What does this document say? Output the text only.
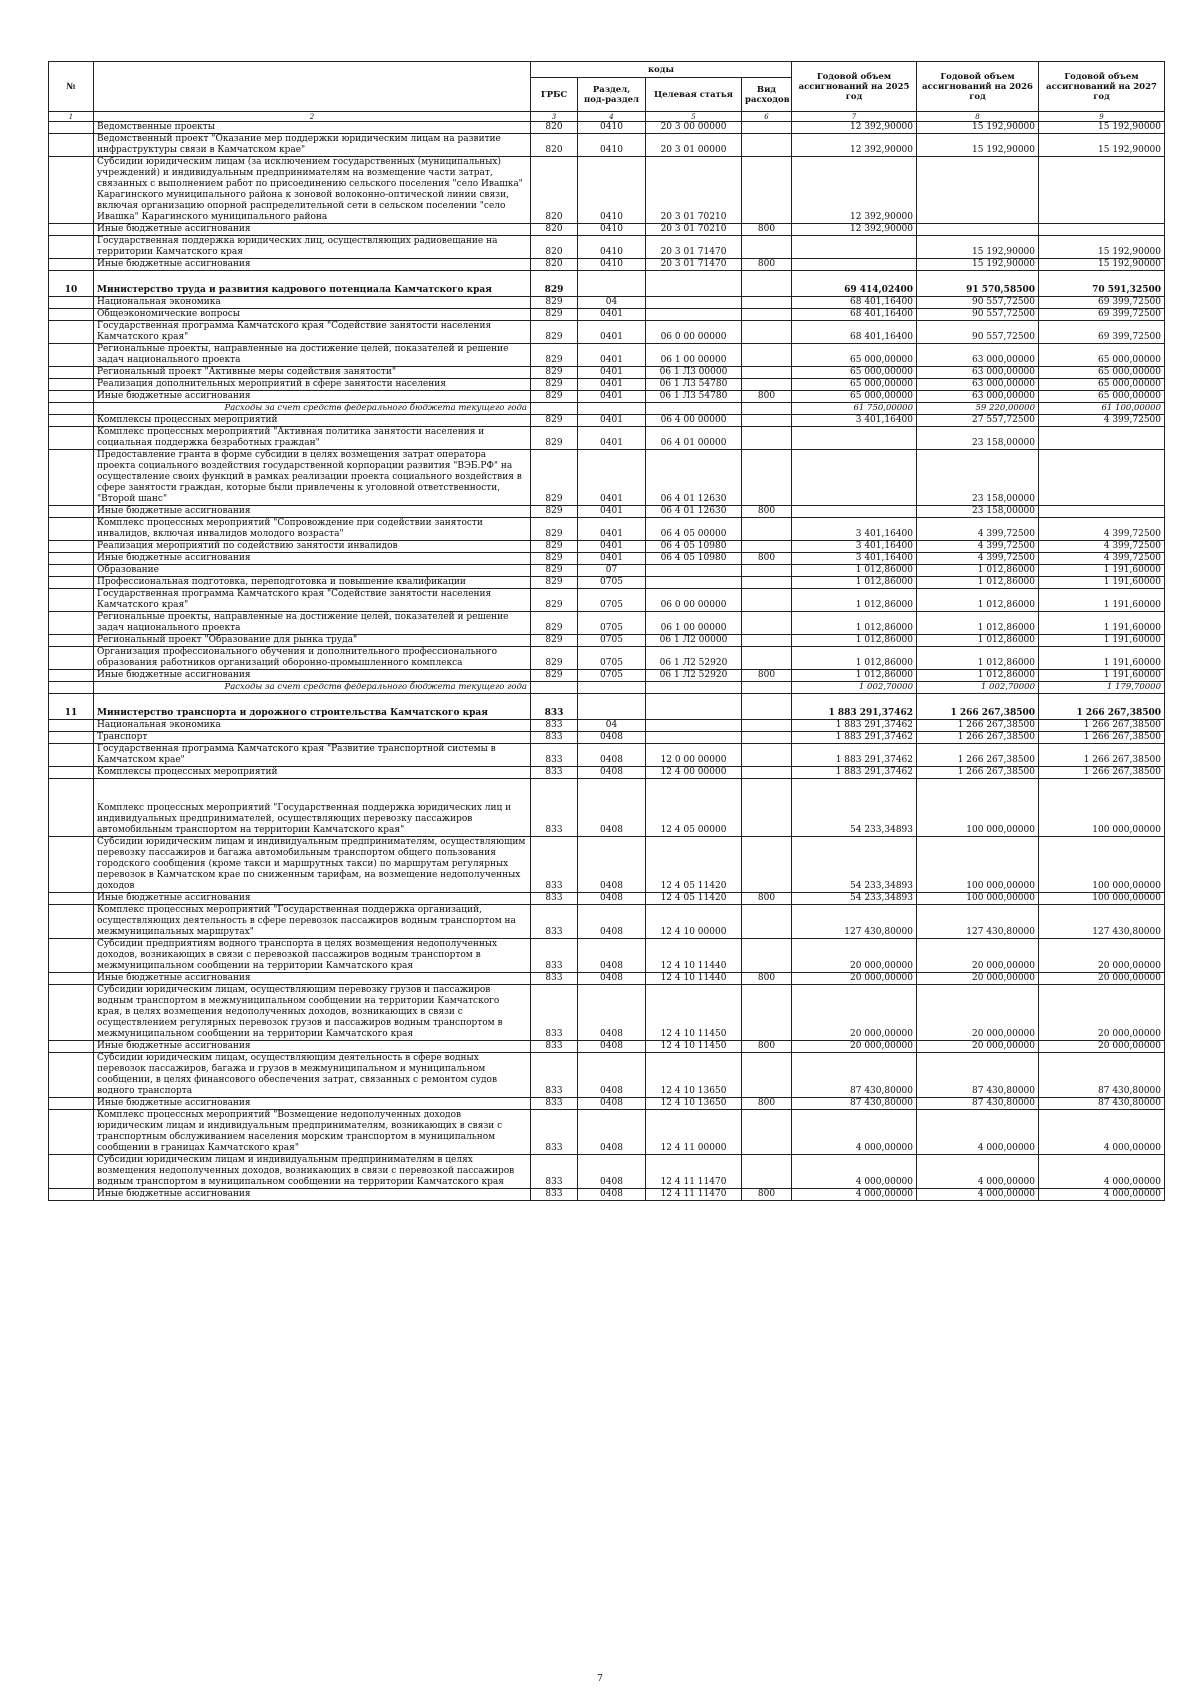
№		коды				Годовой объем ассигнований на 2025 год	Годовой объем ассигнований на 2026 год	Годовой объем ассигнований на 2027 год
		ГРБС	Раздел, под-раздел	Целевая статья	Вид расходов			
1	2	3	4	5	6	7	8	9
	Ведомственные проекты	820	0410	20 3 00 00000		12 392,90000	15 192,90000	15 192,90000
	Ведомственный проект "Оказание мер поддержки юридическим лицам на развитие инфраструктуры связи в Камчатском крае"	820	0410	20 3 01 00000		12 392,90000	15 192,90000	15 192,90000
	Субсидии юридическим лицам (за исключением государственных (муниципальных) учреждений) и индивидуальным предпринимателям на возмещение части затрат, связанных с выполнением работ по присоединению сельского поселения "село Ивашка" Карагинского муниципального района к зоновой волоконно-оптической линии связи, включая организацию опорной распределительной сети в сельском поселении "село Ивашка" Карагинского муниципального района	820	0410	20 3 01 70210		12 392,90000		
	Иные бюджетные ассигнования	820	0410	20 3 01 70210	800	12 392,90000		
	Государственная поддержка юридических лиц, осуществляющих радиовещание на территории Камчатского края	820	0410	20 3 01 71470			15 192,90000	15 192,90000
	Иные бюджетные ассигнования	820	0410	20 3 01 71470	800		15 192,90000	15 192,90000
10	Министерство труда и развития кадрового потенциала Камчатского края	829				69 414,02400	91 570,58500	70 591,32500
	Национальная экономика	829	04			68 401,16400	90 557,72500	69 399,72500
	Общеэкономические вопросы	829	0401			68 401,16400	90 557,72500	69 399,72500
	Государственная программа Камчатского края "Содействие занятости населения Камчатского края"	829	0401	06 0 00 00000		68 401,16400	90 557,72500	69 399,72500
	Региональные проекты, направленные на достижение целей, показателей и решение задач национального проекта	829	0401	06 1 00 00000		65 000,00000	63 000,00000	65 000,00000
	Региональный проект "Активные меры содействия занятости"	829	0401	06 1 Л3 00000		65 000,00000	63 000,00000	65 000,00000
	Реализация дополнительных мероприятий в сфере занятости населения	829	0401	06 1 Л3 54780		65 000,00000	63 000,00000	65 000,00000
	Иные бюджетные ассигнования	829	0401	06 1 Л3 54780	800	65 000,00000	63 000,00000	65 000,00000
	Расходы за счет средств федерального бюджета текущего года					61 750,00000	59 220,00000	61 100,00000
	Комплексы процессных мероприятий	829	0401	06 4 00 00000		3 401,16400	27 557,72500	4 399,72500
	Комплекс процессных мероприятий "Активная политика занятости населения и социальная поддержка безработных граждан"	829	0401	06 4 01 00000			23 158,00000	
	Предоставление гранта в форме субсидии в целях возмещения затрат оператора проекта социального воздействия государственной корпорации развития "ВЭБ.РФ" на осуществление своих функций в рамках реализации проекта социального воздействия в сфере занятости граждан, которые были привлечены к уголовной ответственности, "Второй шанс"	829	0401	06 4 01 12630			23 158,00000	
	Иные бюджетные ассигнования	829	0401	06 4 01 12630	800		23 158,00000	
	Комплекс процессных мероприятий "Сопровождение при содействии занятости инвалидов, включая инвалидов молодого возраста"	829	0401	06 4 05 00000		3 401,16400	4 399,72500	4 399,72500
	Реализация мероприятий по содействию занятости инвалидов	829	0401	06 4 05 10980		3 401,16400	4 399,72500	4 399,72500
	Иные бюджетные ассигнования	829	0401	06 4 05 10980	800	3 401,16400	4 399,72500	4 399,72500
	Образование	829	07			1 012,86000	1 012,86000	1 191,60000
	Профессиональная подготовка, переподготовка и повышение квалификации	829	0705			1 012,86000	1 012,86000	1 191,60000
	Государственная программа Камчатского края "Содействие занятости населения Камчатского края"	829	0705	06 0 00 00000		1 012,86000	1 012,86000	1 191,60000
	Региональные проекты, направленные на достижение целей, показателей и решение задач национального проекта	829	0705	06 1 00 00000		1 012,86000	1 012,86000	1 191,60000
	Региональный проект "Образование для рынка труда"	829	0705	06 1 Л2 00000		1 012,86000	1 012,86000	1 191,60000
	Организация профессионального обучения и дополнительного профессионального образования работников организаций оборонно-промышленного комплекса	829	0705	06 1 Л2 52920		1 012,86000	1 012,86000	1 191,60000
	Иные бюджетные ассигнования	829	0705	06 1 Л2 52920	800	1 012,86000	1 012,86000	1 191,60000
	Расходы за счет средств федерального бюджета текущего года					1 002,70000	1 002,70000	1 179,70000
11	Министерство транспорта и дорожного строительства Камчатского края	833				1 883 291,37462	1 266 267,38500	1 266 267,38500
	Национальная экономика	833	04			1 883 291,37462	1 266 267,38500	1 266 267,38500
	Транспорт	833	0408			1 883 291,37462	1 266 267,38500	1 266 267,38500
	Государственная программа Камчатского края "Развитие транспортной системы в Камчатском крае"	833	0408	12 0 00 00000		1 883 291,37462	1 266 267,38500	1 266 267,38500
	Комплексы процессных мероприятий	833	0408	12 4 00 00000		1 883 291,37462	1 266 267,38500	1 266 267,38500
	Комплекс процессных мероприятий "Государственная поддержка юридических лиц и индивидуальных предпринимателей, осуществляющих перевозку пассажиров автомобильным транспортом на территории Камчатского края"	833	0408	12 4 05 00000		54 233,34893	100 000,00000	100 000,00000
	Субсидии юридическим лицам и индивидуальным предпринимателям, осуществляющим перевозку пассажиров и багажа автомобильным транспортом общего пользования городского сообщения (кроме такси и маршрутных такси) по маршрутам регулярных перевозок в Камчатском крае по сниженным тарифам, на возмещение недополученных доходов	833	0408	12 4 05 11420		54 233,34893	100 000,00000	100 000,00000
	Иные бюджетные ассигнования	833	0408	12 4 05 11420	800	54 233,34893	100 000,00000	100 000,00000
	Комплекс процессных мероприятий "Государственная поддержка организаций, осуществляющих деятельность в сфере перевозок пассажиров водным транспортом на межмуниципальных маршрутах"	833	0408	12 4 10 00000		127 430,80000	127 430,80000	127 430,80000
	Субсидии предприятиям водного транспорта в целях возмещения недополученных доходов, возникающих в связи с перевозкой пассажиров водным транспортом в межмуниципальном сообщении на территории Камчатского края	833	0408	12 4 10 11440		20 000,00000	20 000,00000	20 000,00000
	Иные бюджетные ассигнования	833	0408	12 4 10 11440	800	20 000,00000	20 000,00000	20 000,00000
	Субсидии юридическим лицам, осуществляющим перевозку грузов и пассажиров водным транспортом в межмуниципальном сообщении на территории Камчатского края, в целях возмещения недополученных доходов, возникающих в связи с осуществлением регулярных перевозок грузов и пассажиров водным транспортом в межмуниципальном сообщении на территории Камчатского края	833	0408	12 4 10 11450		20 000,00000	20 000,00000	20 000,00000
	Иные бюджетные ассигнования	833	0408	12 4 10 11450	800	20 000,00000	20 000,00000	20 000,00000
	Субсидии юридическим лицам, осуществляющим деятельность в сфере водных перевозок пассажиров, багажа и грузов в межмуниципальном и муниципальном сообщении, в целях финансового обеспечения затрат, связанных с ремонтом судов водного транспорта	833	0408	12 4 10 13650		87 430,80000	87 430,80000	87 430,80000
	Иные бюджетные ассигнования	833	0408	12 4 10 13650	800	87 430,80000	87 430,80000	87 430,80000
	Комплекс процессных мероприятий "Возмещение недополученных доходов юридическим лицам и индивидуальным предпринимателям, возникающих в связи с транспортным обслуживанием населения морским транспортом в муниципальном сообщении в границах Камчатского края"	833	0408	12 4 11 00000		4 000,00000	4 000,00000	4 000,00000
	Субсидии юридическим лицам и индивидуальным предпринимателям в целях возмещения недополученных доходов, возникающих в связи с перевозкой пассажиров водным транспортом в муниципальном сообщении на территории Камчатского края	833	0408	12 4 11 11470		4 000,00000	4 000,00000	4 000,00000
	Иные бюджетные ассигнования	833	0408	12 4 11 11470	800	4 000,00000	4 000,00000	4 000,00000
7
